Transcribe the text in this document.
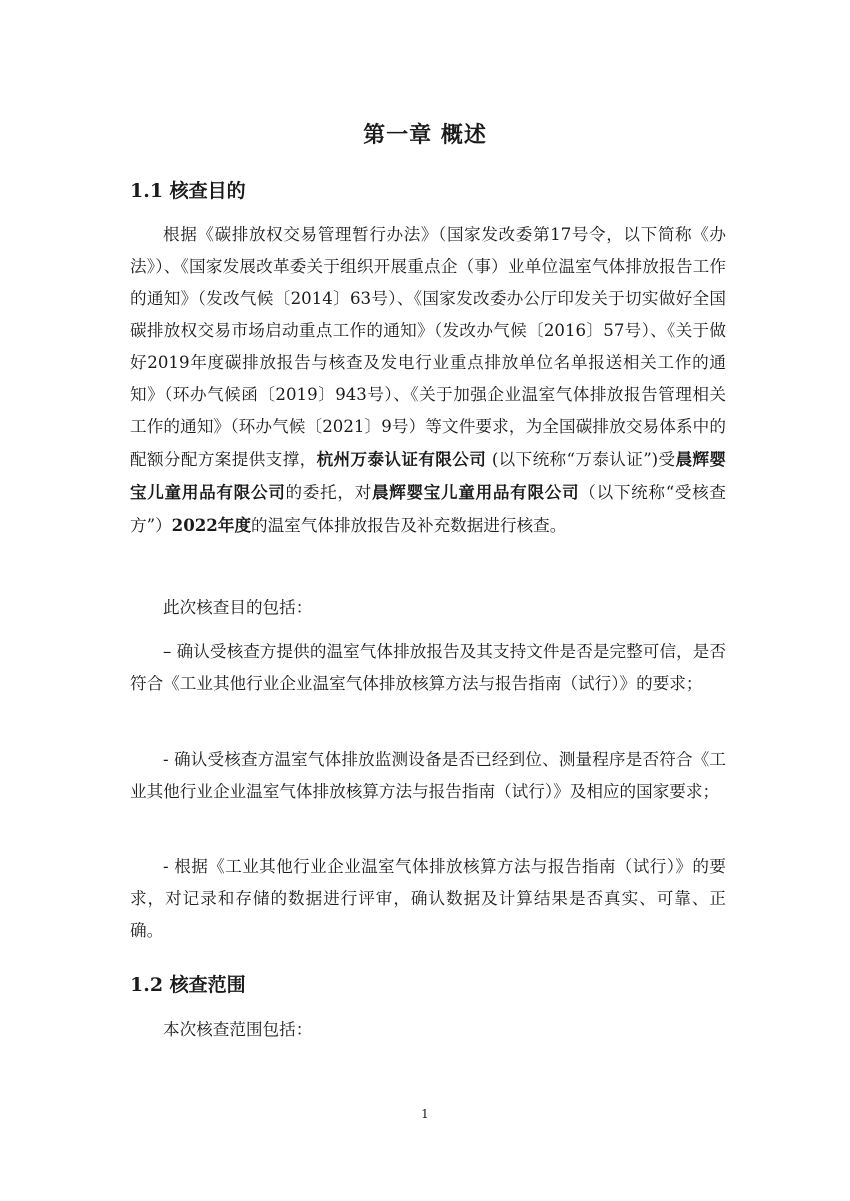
第一章 概述
1.1 核查目的

根据《碳排放权交易管理暂行办法》（国家发改委第17号令，以下简称《办法》）、《国家发展改革委关于组织开展重点企（事）业单位温室气体排放报告工作的通知》（发改气候〔2014〕63号）、《国家发改委办公厅印发关于切实做好全国碳排放权交易市场启动重点工作的通知》（发改办气候〔2016〕57号）、《关于做好2019年度碳排放报告与核查及发电行业重点排放单位名单报送相关工作的通知》（环办气候函〔2019〕943号）、《关于加强企业温室气体排放报告管理相关工作的通知》（环办气候〔2021〕9号）等文件要求，为全国碳排放交易体系中的配额分配方案提供支撑，杭州万泰认证有限公司 (以下统称“万泰认证”)受晨辉婴宝儿童用品有限公司的委托，对晨辉婴宝儿童用品有限公司（以下统称“受核查方”）2022年度的温室气体排放报告及补充数据进行核查。

此次核查目的包括：

– 确认受核查方提供的温室气体排放报告及其支持文件是否是完整可信，是否符合《工业其他行业企业温室气体排放核算方法与报告指南（试行）》的要求；

- 确认受核查方温室气体排放监测设备是否已经到位、测量程序是否符合《工业其他行业企业温室气体排放核算方法与报告指南（试行）》及相应的国家要求；

- 根据《工业其他行业企业温室气体排放核算方法与报告指南（试行）》的要求，对记录和存储的数据进行评审，确认数据及计算结果是否真实、可靠、正确。

1.2 核查范围

本次核查范围包括：

1
